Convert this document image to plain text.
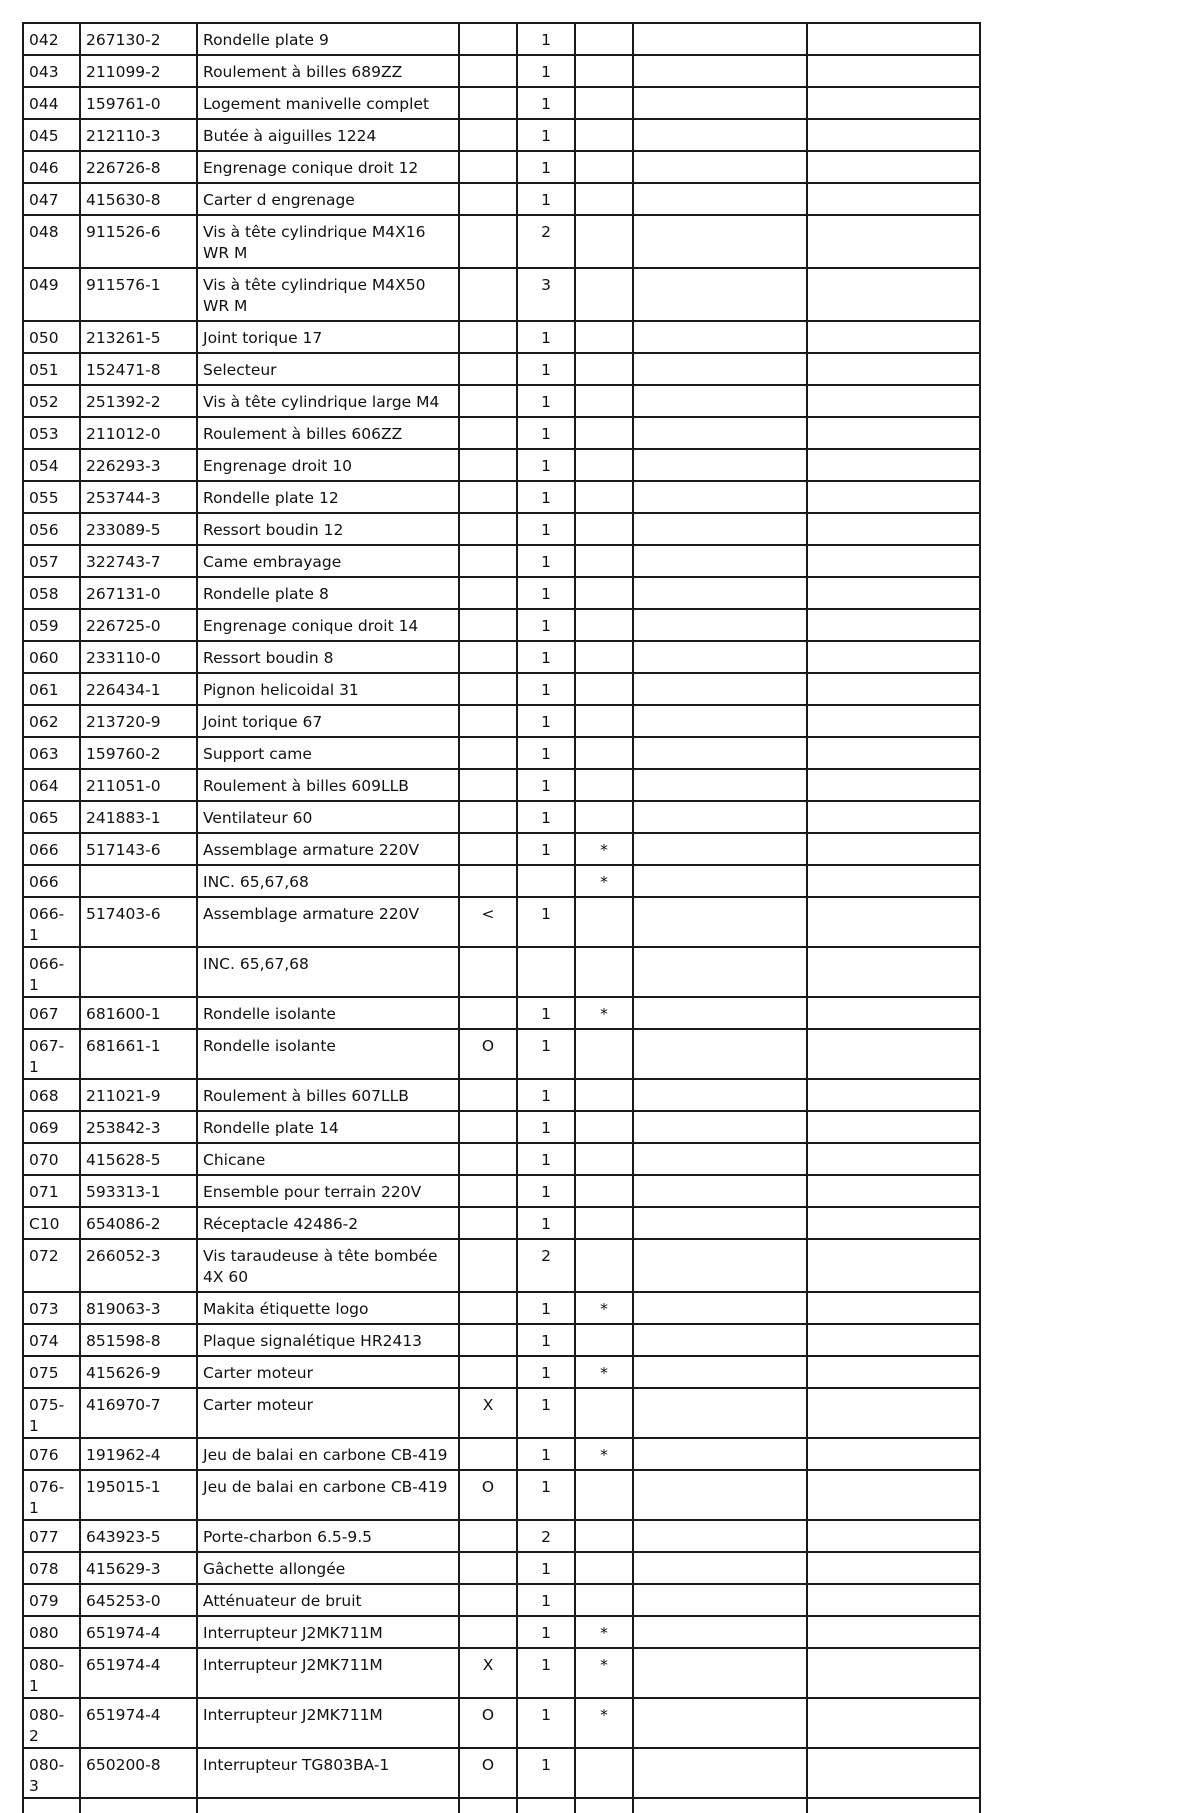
042	267130-2	Rondelle plate 9		1			
043	211099-2	Roulement à billes 689ZZ		1			
044	159761-0	Logement manivelle complet		1			
045	212110-3	Butée à aiguilles 1224		1			
046	226726-8	Engrenage conique droit 12		1			
047	415630-8	Carter d engrenage		1			
048	911526-6	Vis à tête cylindrique M4X16 WR M		2			
049	911576-1	Vis à tête cylindrique M4X50 WR M		3			
050	213261-5	Joint torique 17		1			
051	152471-8	Selecteur		1			
052	251392-2	Vis à tête cylindrique large M4		1			
053	211012-0	Roulement à billes 606ZZ		1			
054	226293-3	Engrenage droit 10		1			
055	253744-3	Rondelle plate 12		1			
056	233089-5	Ressort boudin 12		1			
057	322743-7	Came embrayage		1			
058	267131-0	Rondelle plate 8		1			
059	226725-0	Engrenage conique droit 14		1			
060	233110-0	Ressort boudin 8		1			
061	226434-1	Pignon helicoidal 31		1			
062	213720-9	Joint torique 67		1			
063	159760-2	Support came		1			
064	211051-0	Roulement à billes 609LLB		1			
065	241883-1	Ventilateur 60		1			
066	517143-6	Assemblage armature 220V		1	*		
066		INC. 65,67,68			*		
066-1	517403-6	Assemblage armature 220V	<	1			
066-1		INC. 65,67,68					
067	681600-1	Rondelle isolante		1	*		
067-1	681661-1	Rondelle isolante	O	1			
068	211021-9	Roulement à billes 607LLB		1			
069	253842-3	Rondelle plate 14		1			
070	415628-5	Chicane		1			
071	593313-1	Ensemble pour terrain 220V		1			
C10	654086-2	Réceptacle 42486-2		1			
072	266052-3	Vis taraudeuse à tête bombée 4X 60		2			
073	819063-3	Makita étiquette logo		1	*		
074	851598-8	Plaque signalétique HR2413		1			
075	415626-9	Carter moteur		1	*		
075-1	416970-7	Carter moteur	X	1			
076	191962-4	Jeu de balai en carbone CB-419		1	*		
076-1	195015-1	Jeu de balai en carbone CB-419	O	1			
077	643923-5	Porte-charbon 6.5-9.5		2			
078	415629-3	Gâchette allongée		1			
079	645253-0	Atténuateur de bruit		1			
080	651974-4	Interrupteur J2MK711M		1	*		
080-1	651974-4	Interrupteur J2MK711M	X	1	*		
080-2	651974-4	Interrupteur J2MK711M	O	1	*		
080-3	650200-8	Interrupteur TG803BA-1	O	1			
